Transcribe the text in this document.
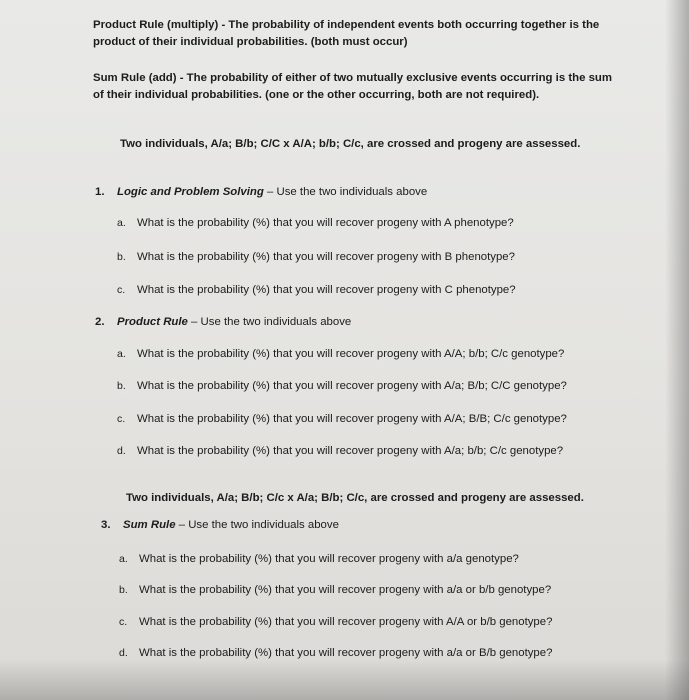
Product Rule (multiply) - The probability of independent events both occurring together is the
product of their individual probabilities. (both must occur)
Sum Rule (add) - The probability of either of two mutually exclusive events occurring is the sum
of their individual probabilities. (one or the other occurring, both are not required).
Two individuals, A/a; B/b; C/C x A/A; b/b; C/c, are crossed and progeny are assessed.
1. Logic and Problem Solving – Use the two individuals above
a. What is the probability (%) that you will recover progeny with A phenotype?
b. What is the probability (%) that you will recover progeny with B phenotype?
c. What is the probability (%) that you will recover progeny with C phenotype?
2. Product Rule – Use the two individuals above
a. What is the probability (%) that you will recover progeny with A/A; b/b; C/c genotype?
b. What is the probability (%) that you will recover progeny with A/a; B/b; C/C genotype?
c. What is the probability (%) that you will recover progeny with A/A; B/B; C/c genotype?
d. What is the probability (%) that you will recover progeny with A/a; b/b; C/c genotype?
Two individuals, A/a; B/b; C/c x A/a; B/b; C/c, are crossed and progeny are assessed.
3. Sum Rule – Use the two individuals above
a. What is the probability (%) that you will recover progeny with a/a genotype?
b. What is the probability (%) that you will recover progeny with a/a or b/b genotype?
c. What is the probability (%) that you will recover progeny with A/A or b/b genotype?
d. What is the probability (%) that you will recover progeny with a/a or B/b genotype?
